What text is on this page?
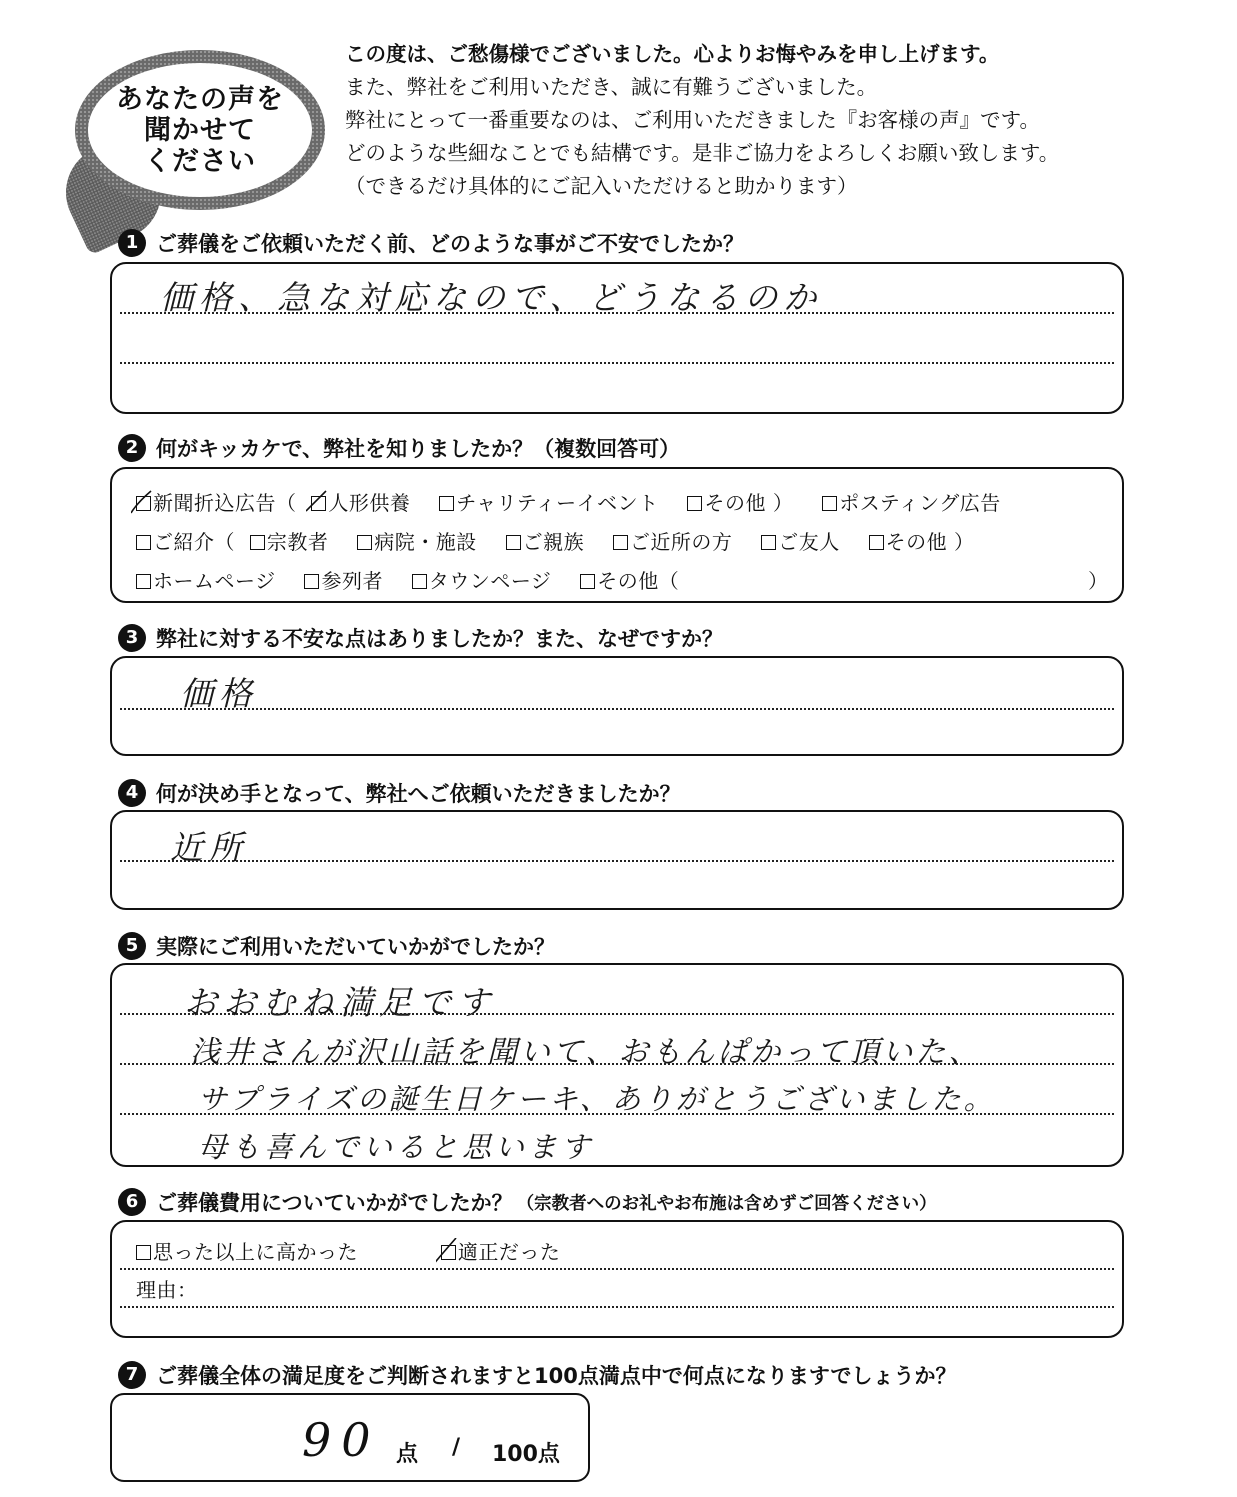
あなたの声を
聞かせて
ください
この度は、ご愁傷様でございました。心よりお悔やみを申し上げます。
また、弊社をご利用いただき、誠に有難うございました。
弊社にとって一番重要なのは、ご利用いただきました『お客様の声』です。
どのような些細なことでも結構です。是非ご協力をよろしくお願い致します。
（できるだけ具体的にご記入いただけると助かります）
1 ご葬儀をご依頼いただく前、どのような事がご不安でしたか？
価格、急な対応なので、どうなるのか
2 何がキッカケで、弊社を知りましたか？（複数回答可）
新聞折込広告（ 人形供養 チャリティーイベント その他 ） ポスティング広告
ご紹介（ 宗教者 病院・施設 ご親族 ご近所の方 ご友人 その他 ）
ホームページ 参列者 タウンページ その他（	）
3 弊社に対する不安な点はありましたか？また、なぜですか？
価格
4 何が決め手となって、弊社へご依頼いただきましたか？
近所
5 実際にご利用いただいていかがでしたか？
おおむね満足です
浅井さんが沢山話を聞いて、おもんぱかって頂いた、
サプライズの誕生日ケーキ、ありがとうございました。
母も喜んでいると思います
6 ご葬儀費用についていかがでしたか？ （宗教者へのお礼やお布施は含めずご回答ください）
思った以上に高かった	適正だった
理由：
7 ご葬儀全体の満足度をご判断されますと100点満点中で何点になりますでしょうか？
90 点 / 100点
